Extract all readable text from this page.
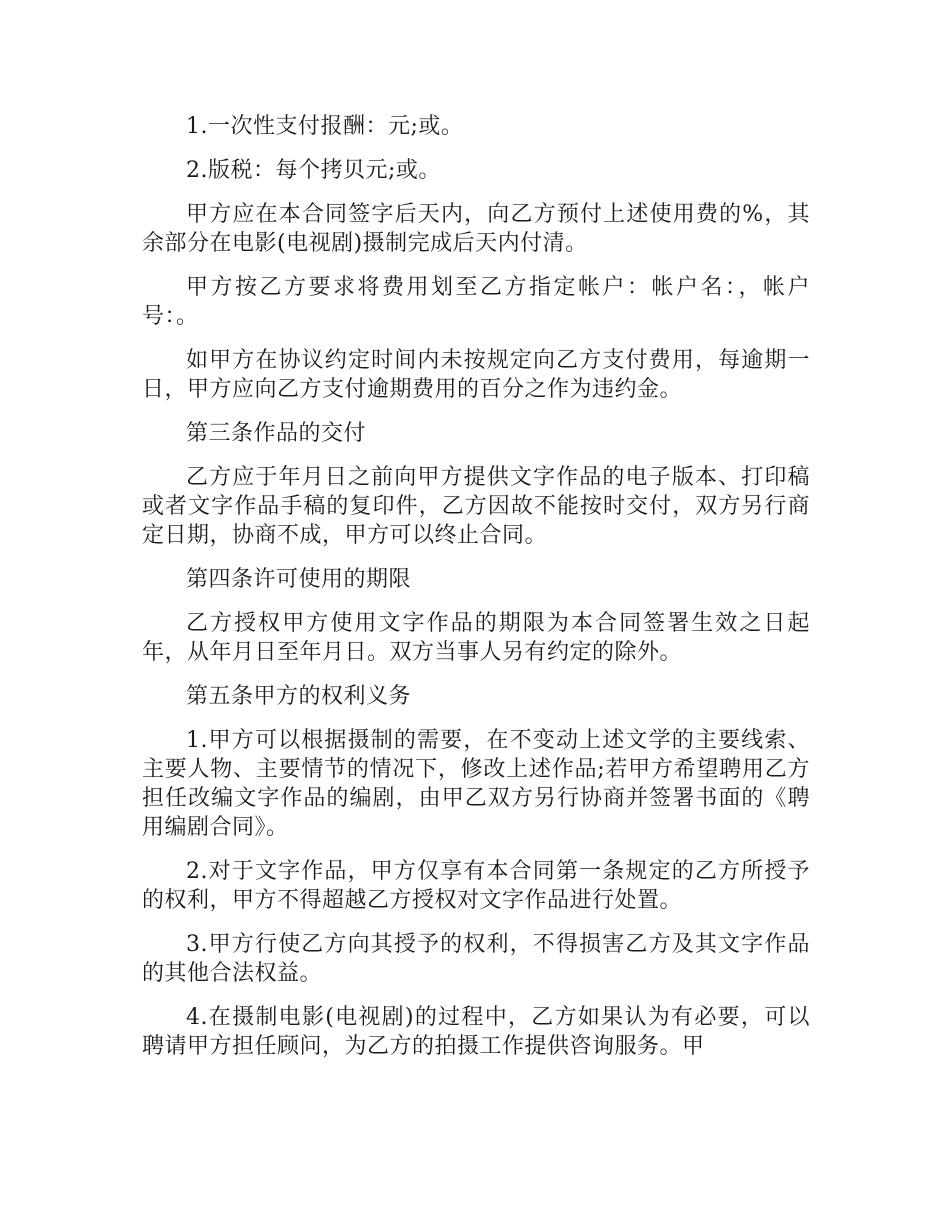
1.一次性支付报酬：元;或。

2.版税：每个拷贝元;或。

甲方应在本合同签字后天内，向乙方预付上述使用费的%，其余部分在电影(电视剧)摄制完成后天内付清。

甲方按乙方要求将费用划至乙方指定帐户：帐户名：，帐户号：。

如甲方在协议约定时间内未按规定向乙方支付费用，每逾期一日，甲方应向乙方支付逾期费用的百分之作为违约金。

第三条作品的交付

乙方应于年月日之前向甲方提供文字作品的电子版本、打印稿或者文字作品手稿的复印件，乙方因故不能按时交付，双方另行商定日期，协商不成，甲方可以终止合同。

第四条许可使用的期限

乙方授权甲方使用文字作品的期限为本合同签署生效之日起年，从年月日至年月日。双方当事人另有约定的除外。

第五条甲方的权利义务

1.甲方可以根据摄制的需要，在不变动上述文学的主要线索、主要人物、主要情节的情况下，修改上述作品;若甲方希望聘用乙方担任改编文字作品的编剧，由甲乙双方另行协商并签署书面的《聘用编剧合同》。

2.对于文字作品，甲方仅享有本合同第一条规定的乙方所授予的权利，甲方不得超越乙方授权对文字作品进行处置。

3.甲方行使乙方向其授予的权利，不得损害乙方及其文字作品的其他合法权益。

4.在摄制电影(电视剧)的过程中，乙方如果认为有必要，可以聘请甲方担任顾问，为乙方的拍摄工作提供咨询服务。甲
